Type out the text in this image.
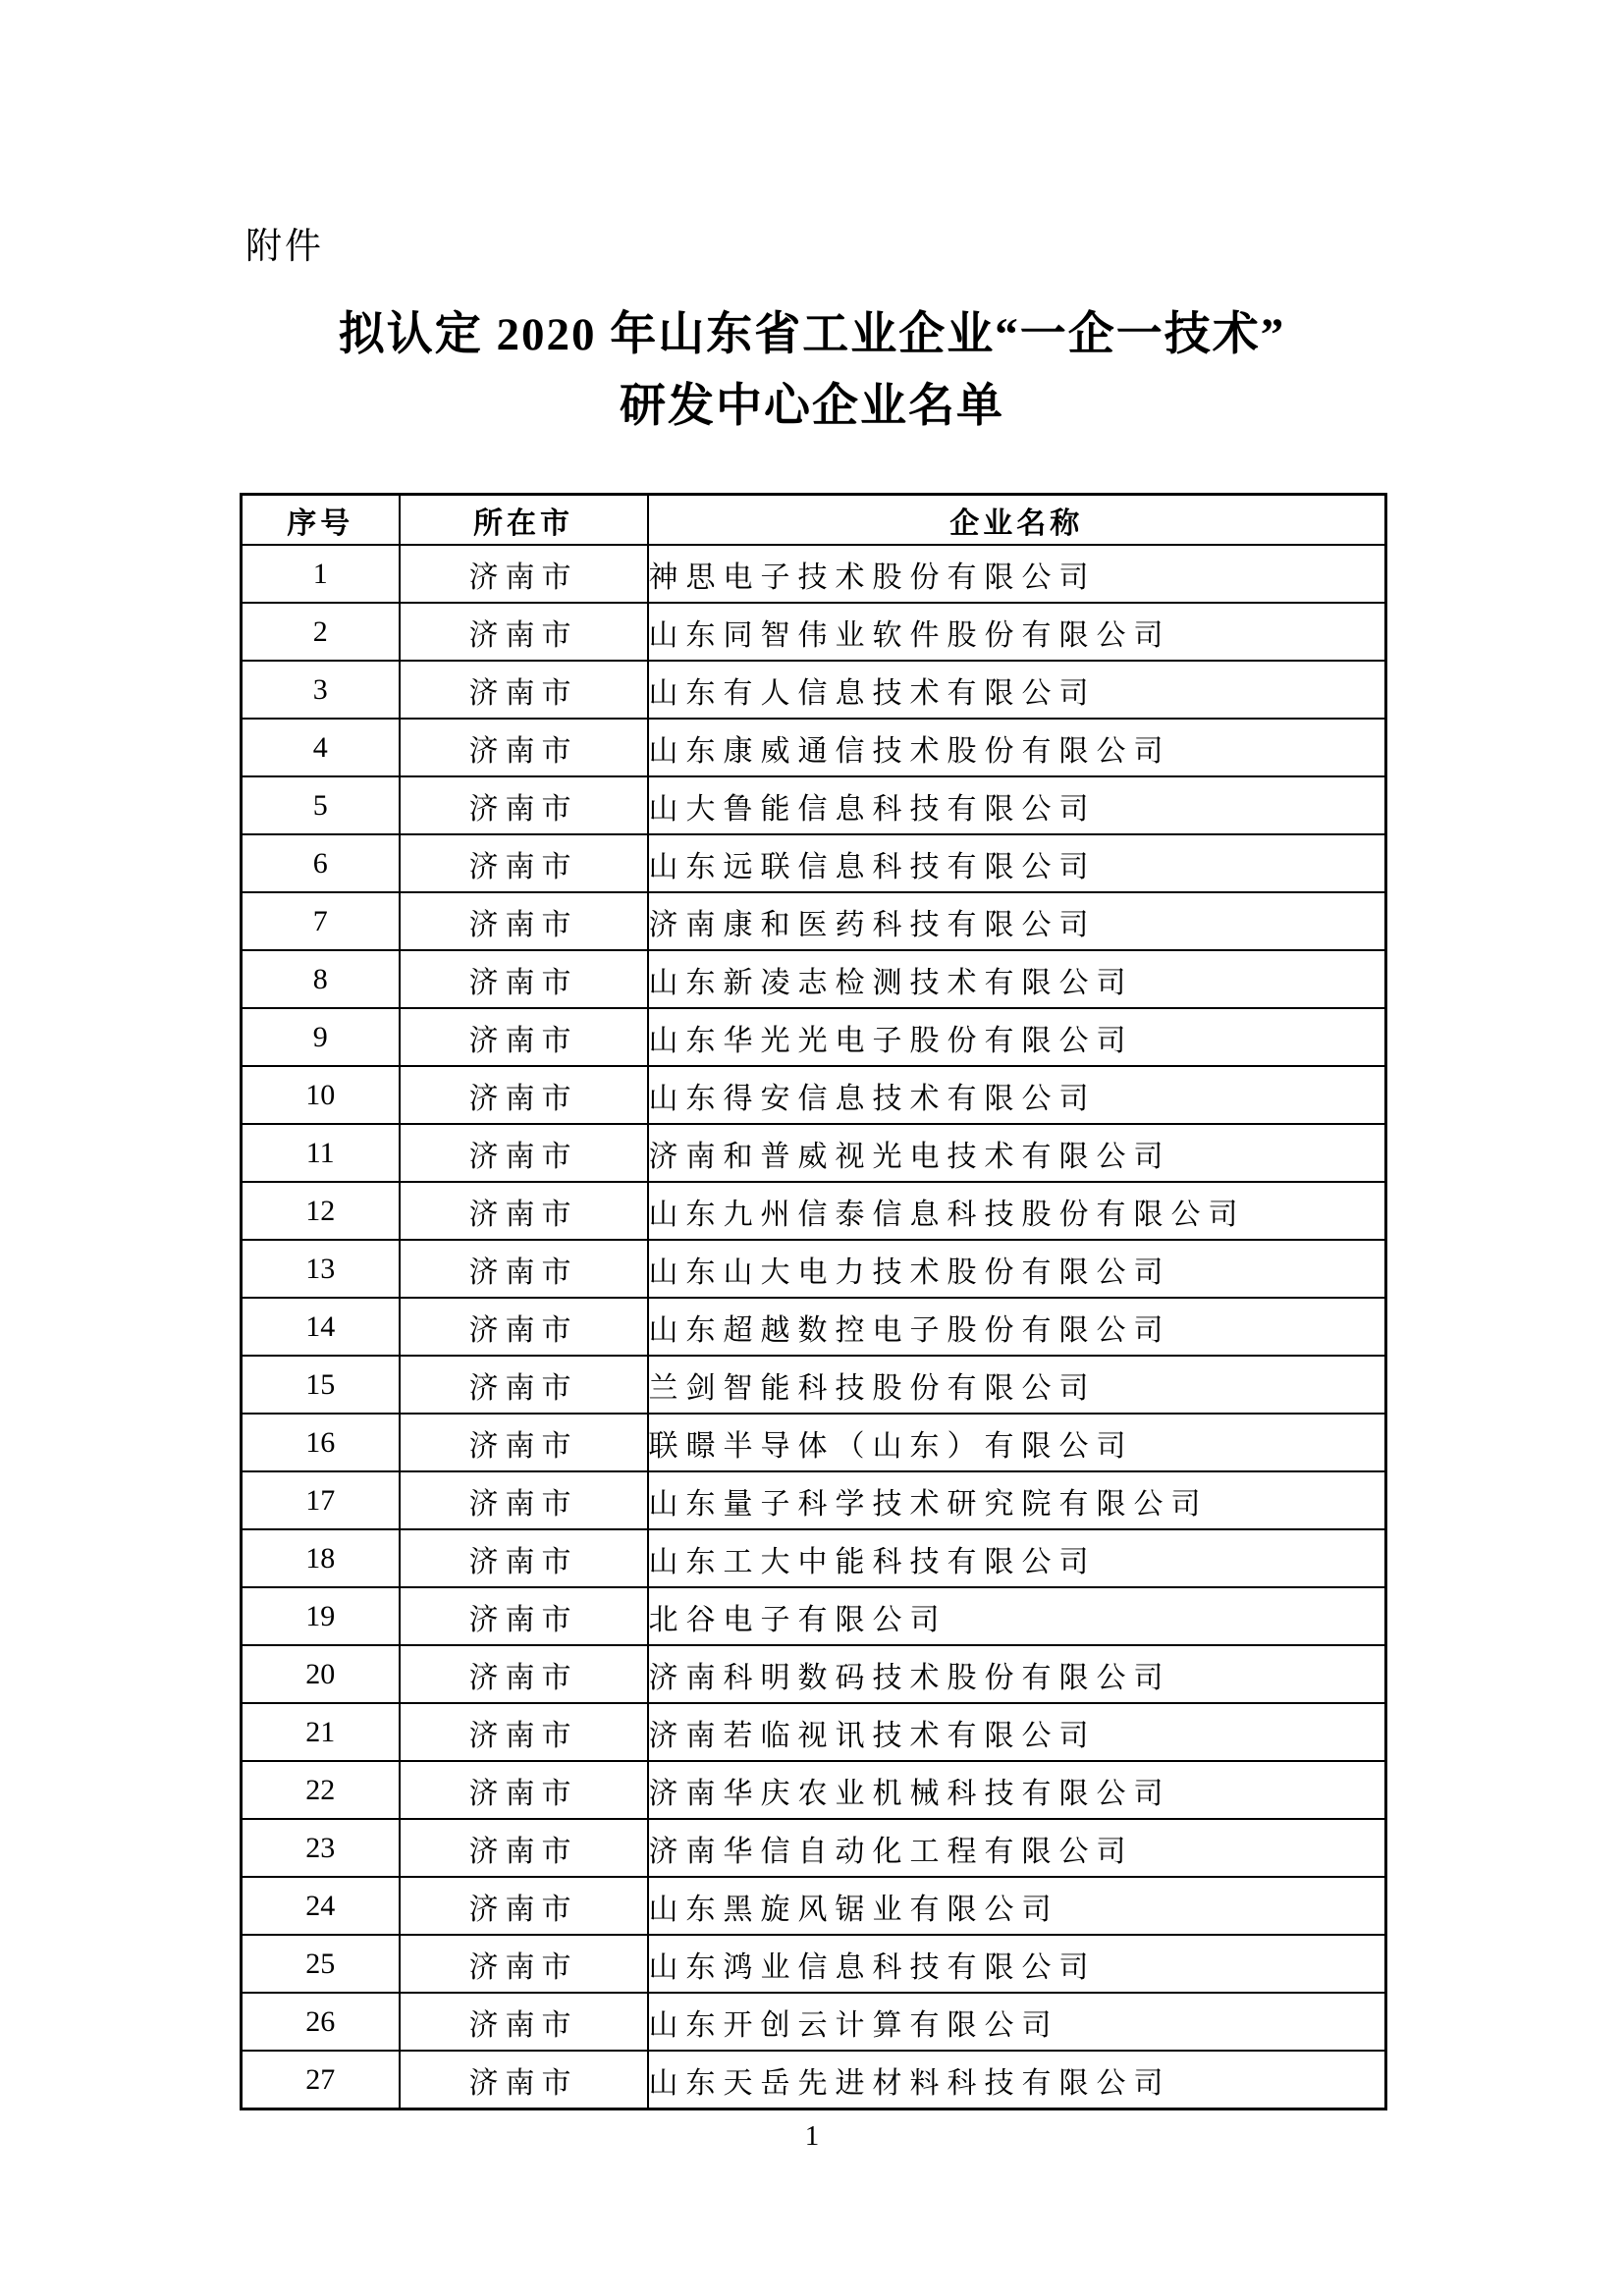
附件
拟认定 2020 年山东省工业企业“一企一技术”
研发中心企业名单
序号	所在市	企业名称
1	济南市	神思电子技术股份有限公司
2	济南市	山东同智伟业软件股份有限公司
3	济南市	山东有人信息技术有限公司
4	济南市	山东康威通信技术股份有限公司
5	济南市	山大鲁能信息科技有限公司
6	济南市	山东远联信息科技有限公司
7	济南市	济南康和医药科技有限公司
8	济南市	山东新凌志检测技术有限公司
9	济南市	山东华光光电子股份有限公司
10	济南市	山东得安信息技术有限公司
11	济南市	济南和普威视光电技术有限公司
12	济南市	山东九州信泰信息科技股份有限公司
13	济南市	山东山大电力技术股份有限公司
14	济南市	山东超越数控电子股份有限公司
15	济南市	兰剑智能科技股份有限公司
16	济南市	联暻半导体（山东）有限公司
17	济南市	山东量子科学技术研究院有限公司
18	济南市	山东工大中能科技有限公司
19	济南市	北谷电子有限公司
20	济南市	济南科明数码技术股份有限公司
21	济南市	济南若临视讯技术有限公司
22	济南市	济南华庆农业机械科技有限公司
23	济南市	济南华信自动化工程有限公司
24	济南市	山东黑旋风锯业有限公司
25	济南市	山东鸿业信息科技有限公司
26	济南市	山东开创云计算有限公司
27	济南市	山东天岳先进材料科技有限公司
1
